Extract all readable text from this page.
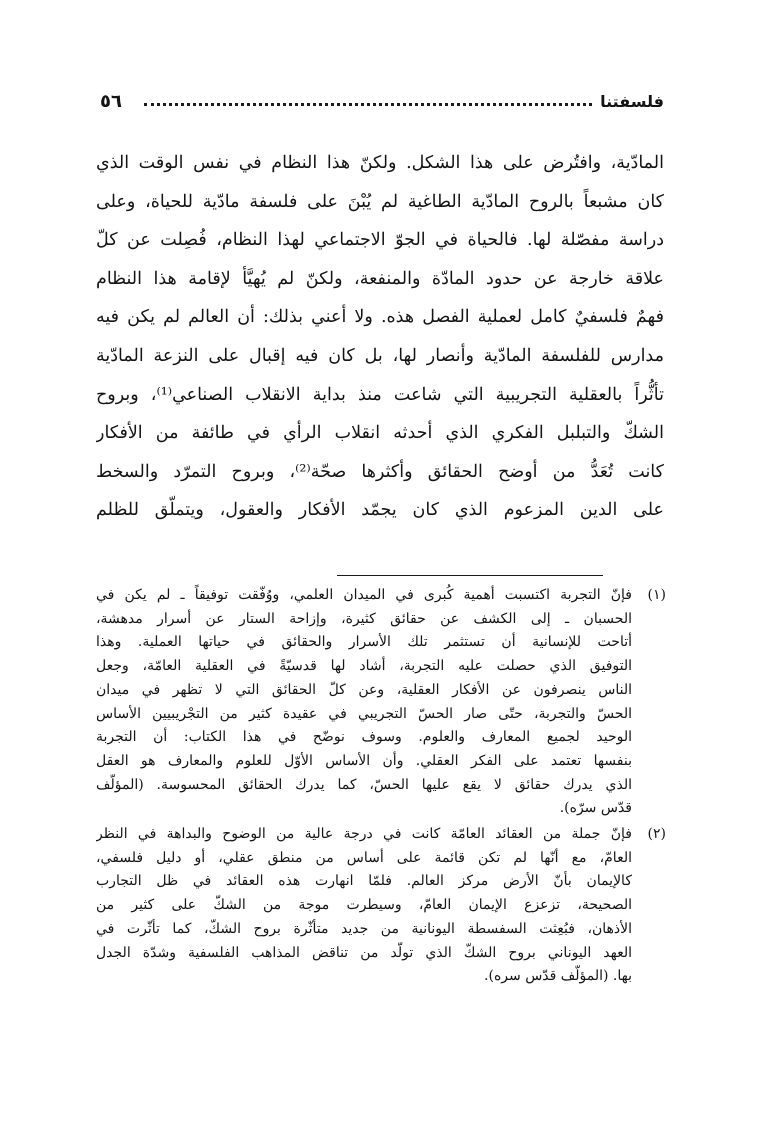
٥٦	فلسفتنا
المادّية، وافتُرض على هذا الشكل. ولكنّ هذا النظام في نفس الوقت الذي
كان مشبعاً بالروح المادّية الطاغية لم يُبْنَ على فلسفة مادّية للحياة، وعلى
دراسة مفصّلة لها. فالحياة في الجوّ الاجتماعي لهذا النظام، فُصِلت عن كلّ
علاقة خارجة عن حدود المادّة والمنفعة، ولكنّ لم يُهيَّأ لإقامة هذا النظام
فهمٌ فلسفيٌ كامل لعملية الفصل هذه. ولا أعني بذلك: أن العالم لم يكن فيه
مدارس للفلسفة المادّية وأنصار لها، بل كان فيه إقبال على النزعة المادّية
تأثُّراً بالعقلية التجريبية التي شاعت منذ بداية الانقلاب الصناعي⁽¹⁾، وبروح
الشكّ والتبلبل الفكري الذي أحدثه انقلاب الرأي في طائفة من الأفكار
كانت تُعَدُّ من أوضح الحقائق وأكثرها صحّة⁽²⁾، وبروح التمرّد والسخط
على الدين المزعوم الذي كان يجمّد الأفكار والعقول، ويتملّق للظلم
(١)
فإنّ التجربة اكتسبت أهمية كُبرى في الميدان العلمي، ووُفّقت توفيقاً ـ لم يكن في
الحسبان ـ إلى الكشف عن حقائق كثيرة، وإزاحة الستار عن أسرار مدهشة،
أتاحت للإنسانية أن تستثمر تلك الأسرار والحقائق في حياتها العملية. وهذا
التوفيق الذي حصلت عليه التجربة، أشاد لها قدسيّةً في العقلية العامّة، وجعل
الناس ينصرفون عن الأفكار العقلية، وعن كلّ الحقائق التي لا تظهر في ميدان
الحسّ والتجربة، حتّى صار الحسّ التجريبي في عقيدة كثير من التجْريبيين الأساس
الوحيد لجميع المعارف والعلوم. وسوف نوضّح في هذا الكتاب: أن التجربة
بنفسها تعتمد على الفكر العقلي. وأن الأساس الأوّل للعلوم والمعارف هو العقل
الذي يدرك حقائق لا يقع عليها الحسّ، كما يدرك الحقائق المحسوسة. (المؤلّف
قدّس سرّه).
(٢)
فإنّ جملة من العقائد العامّة كانت في درجة عالية من الوضوح والبداهة في النظر
العامّ، مع أنّها لم تكن قائمة على أساس من منطق عقلي، أو دليل فلسفي،
كالإيمان بأنّ الأرض مركز العالم. فلمّا انهارت هذه العقائد في ظل التجارب
الصحيحة، تزعزع الإيمان العامّ، وسيطرت موجة من الشكّ على كثير من
الأذهان، فبُعِثت السفسطة اليونانية من جديد متأثّرة بروح الشكّ، كما تأثّرت في
العهد اليوناني بروح الشكّ الذي تولّد من تناقض المذاهب الفلسفية وشدّة الجدل
بها. (المؤلّف قدّس سره).
